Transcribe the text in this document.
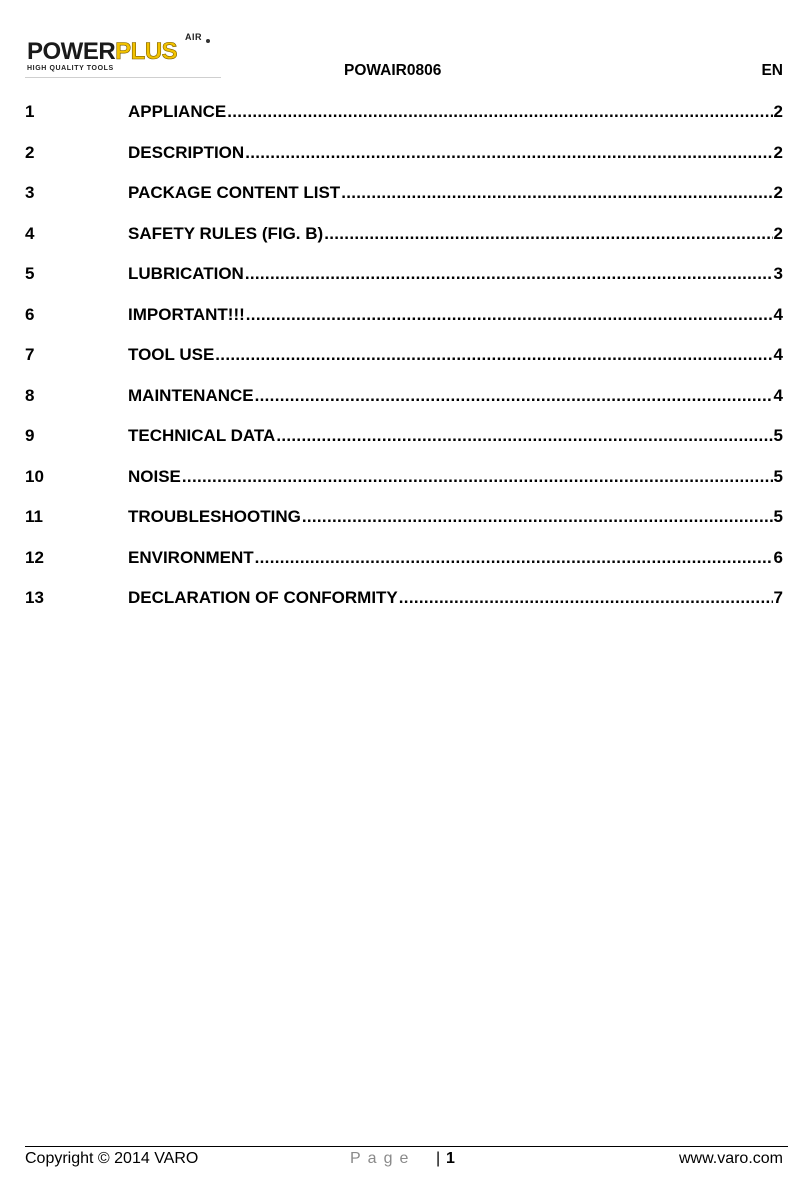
POWERPLUS
AIR
HIGH QUALITY TOOLS	POWAIR0806	EN
1	APPLIANCE .....	2
2	DESCRIPTION .....	2
3	PACKAGE CONTENT LIST .....	2
4	SAFETY RULES (FIG. B) .....	2
5	LUBRICATION .....	3
6	IMPORTANT!!! .....	4
7	TOOL USE .....	4
8	MAINTENANCE .....	4
9	TECHNICAL DATA .....	5
10	NOISE .....	5
11	TROUBLESHOOTING .....	5
12	ENVIRONMENT .....	6
13	DECLARATION OF CONFORMITY .....	7
Copyright © 2014 VARO	Page | 1	www.varo.com
